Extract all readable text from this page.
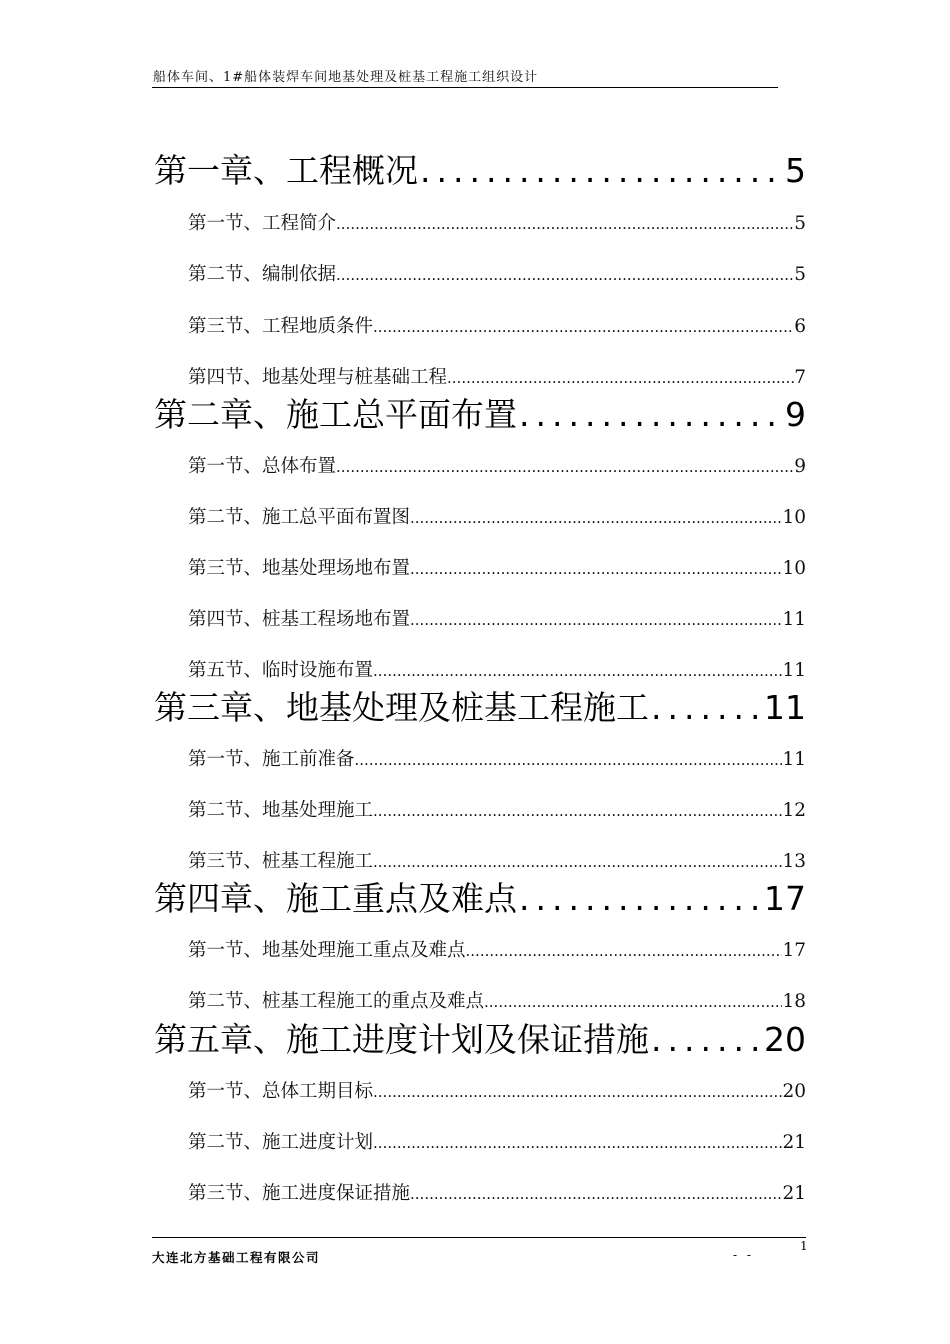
船体车间、1#船体装焊车间地基处理及桩基工程施工组织设计
第一章、工程概况 .....	5
第一节、工程简介 .....	5
第二节、编制依据 .....	5
第三节、工程地质条件 .....	6
第四节、地基处理与桩基础工程 .....	7
第二章、施工总平面布置 .....	9
第一节、总体布置 .....	9
第二节、施工总平面布置图 .....	10
第三节、地基处理场地布置 .....	10
第四节、桩基工程场地布置 .....	11
第五节、临时设施布置 .....	11
第三章、地基处理及桩基工程施工 .....	11
第一节、施工前准备 .....	11
第二节、地基处理施工 .....	12
第三节、桩基工程施工 .....	13
第四章、施工重点及难点 .....	17
第一节、地基处理施工重点及难点 .....	17
第二节、桩基工程施工的重点及难点 .....	18
第五章、施工进度计划及保证措施 .....	20
第一节、总体工期目标 .....	20
第二节、施工进度计划 .....	21
第三节、施工进度保证措施 .....	21
大连北方基础工程有限公司	- -
1
